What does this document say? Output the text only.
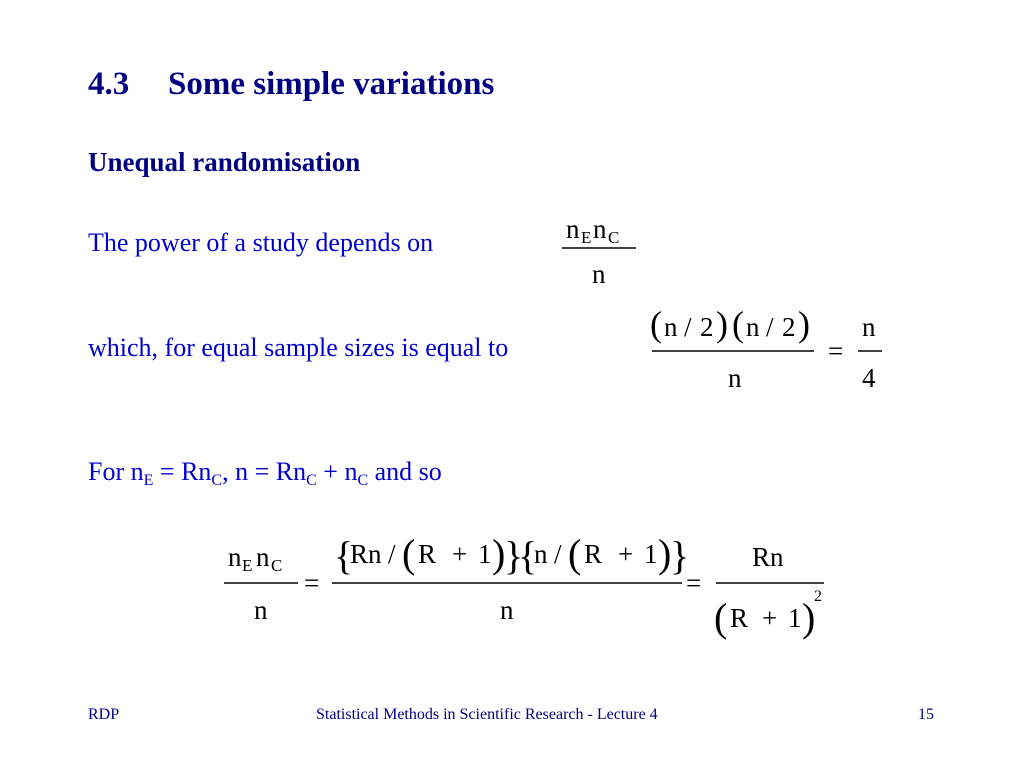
4.3 Some simple variations
Unequal randomisation
The power of a study depends on	n E n C
n
which, for equal sample sizes is equal to
( n / 2 ) ( n / 2 )
n
=
n
4
For nE = RnC, n = RnC + nC and so
n E n C
n
=
{
Rn / ( R + 1 )
}
{
n / ( R + 1 )
}
n
=
Rn
( R + 1 )
2
RDP	Statistical Methods in Scientific Research - Lecture 4	15
